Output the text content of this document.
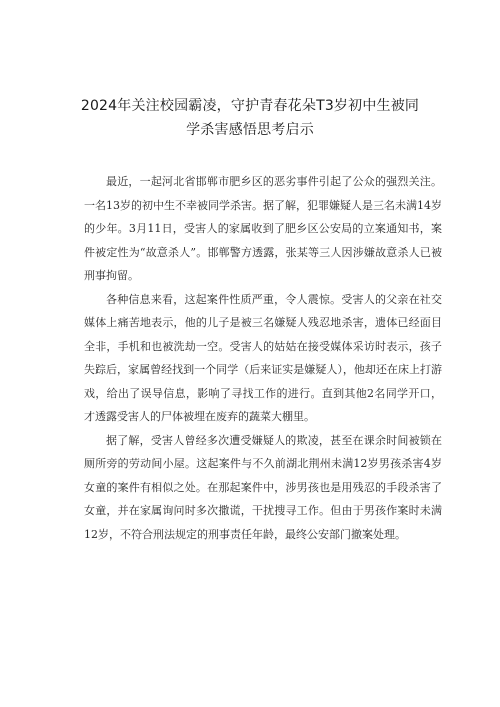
2024年关注校园霸凌，守护青春花朵T3岁初中生被同
学杀害感悟思考启示

最近，一起河北省邯郸市肥乡区的恶劣事件引起了公众的强烈关注。一名13岁的初中生不幸被同学杀害。据了解，犯罪嫌疑人是三名未满14岁的少年。3月11日，受害人的家属收到了肥乡区公安局的立案通知书，案件被定性为“故意杀人”。邯郸警方透露，张某等三人因涉嫌故意杀人已被刑事拘留。

各种信息来看，这起案件性质严重，令人震惊。受害人的父亲在社交媒体上痛苦地表示，他的儿子是被三名嫌疑人残忍地杀害，遗体已经面目全非，手机和也被洗劫一空。受害人的姑姑在接受媒体采访时表示，孩子失踪后，家属曾经找到一个同学（后来证实是嫌疑人），他却还在床上打游戏，给出了误导信息，影响了寻找工作的进行。直到其他2名同学开口，才透露受害人的尸体被埋在废弃的蔬菜大棚里。

据了解，受害人曾经多次遭受嫌疑人的欺凌，甚至在课余时间被锁在厕所旁的劳动间小屋。这起案件与不久前湖北荆州未满12岁男孩杀害4岁女童的案件有相似之处。在那起案件中，涉男孩也是用残忍的手段杀害了女童，并在家属询问时多次撒谎，干扰搜寻工作。但由于男孩作案时未满12岁，不符合刑法规定的刑事责任年龄，最终公安部门撤案处理。
